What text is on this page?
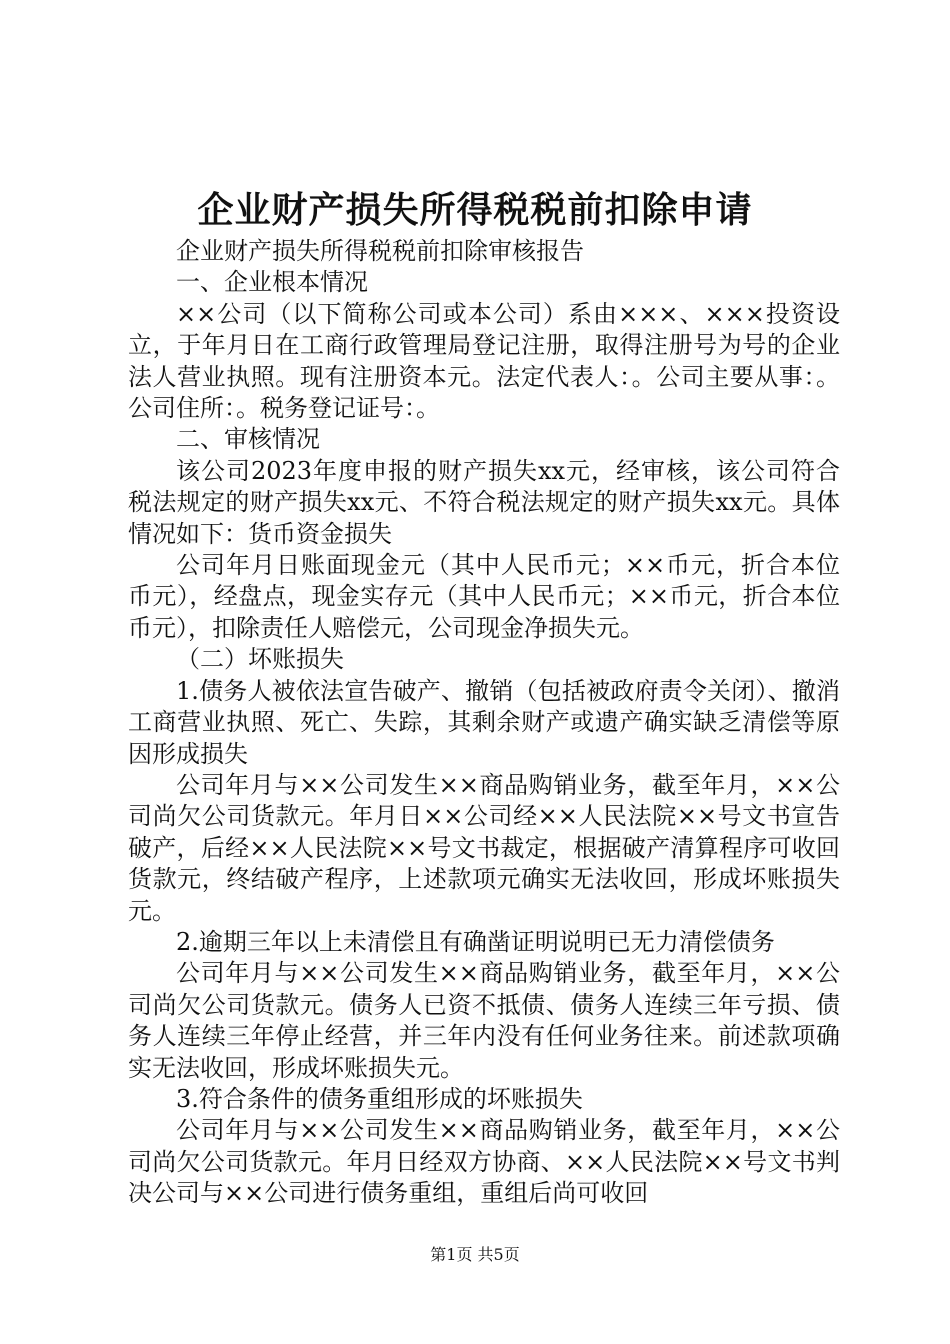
企业财产损失所得税税前扣除申请

企业财产损失所得税税前扣除审核报告

一、企业根本情况

××公司（以下简称公司或本公司）系由×××、×××投资设立，于年月日在工商行政管理局登记注册，取得注册号为号的企业法人营业执照。现有注册资本元。法定代表人：。公司主要从事：。公司住所：。税务登记证号：。

二、审核情况

该公司2023年度申报的财产损失xx元，经审核，该公司符合税法规定的财产损失xx元、不符合税法规定的财产损失xx元。具体情况如下：货币资金损失

公司年月日账面现金元（其中人民币元；××币元，折合本位币元），经盘点，现金实存元（其中人民币元；××币元，折合本位币元），扣除责任人赔偿元，公司现金净损失元。

（二）坏账损失

1.债务人被依法宣告破产、撤销（包括被政府责令关闭）、撤消工商营业执照、死亡、失踪，其剩余财产或遗产确实缺乏清偿等原因形成损失

公司年月与××公司发生××商品购销业务，截至年月，××公司尚欠公司货款元。年月日××公司经××人民法院××号文书宣告破产，后经××人民法院××号文书裁定，根据破产清算程序可收回货款元，终结破产程序，上述款项元确实无法收回，形成坏账损失元。

2.逾期三年以上未清偿且有确凿证明说明已无力清偿债务

公司年月与××公司发生××商品购销业务，截至年月，××公司尚欠公司货款元。债务人已资不抵债、债务人连续三年亏损、债务人连续三年停止经营，并三年内没有任何业务往来。前述款项确实无法收回，形成坏账损失元。

3.符合条件的债务重组形成的坏账损失

公司年月与××公司发生××商品购销业务，截至年月，××公司尚欠公司货款元。年月日经双方协商、××人民法院××号文书判决公司与××公司进行债务重组，重组后尚可收回

第1页 共5页
